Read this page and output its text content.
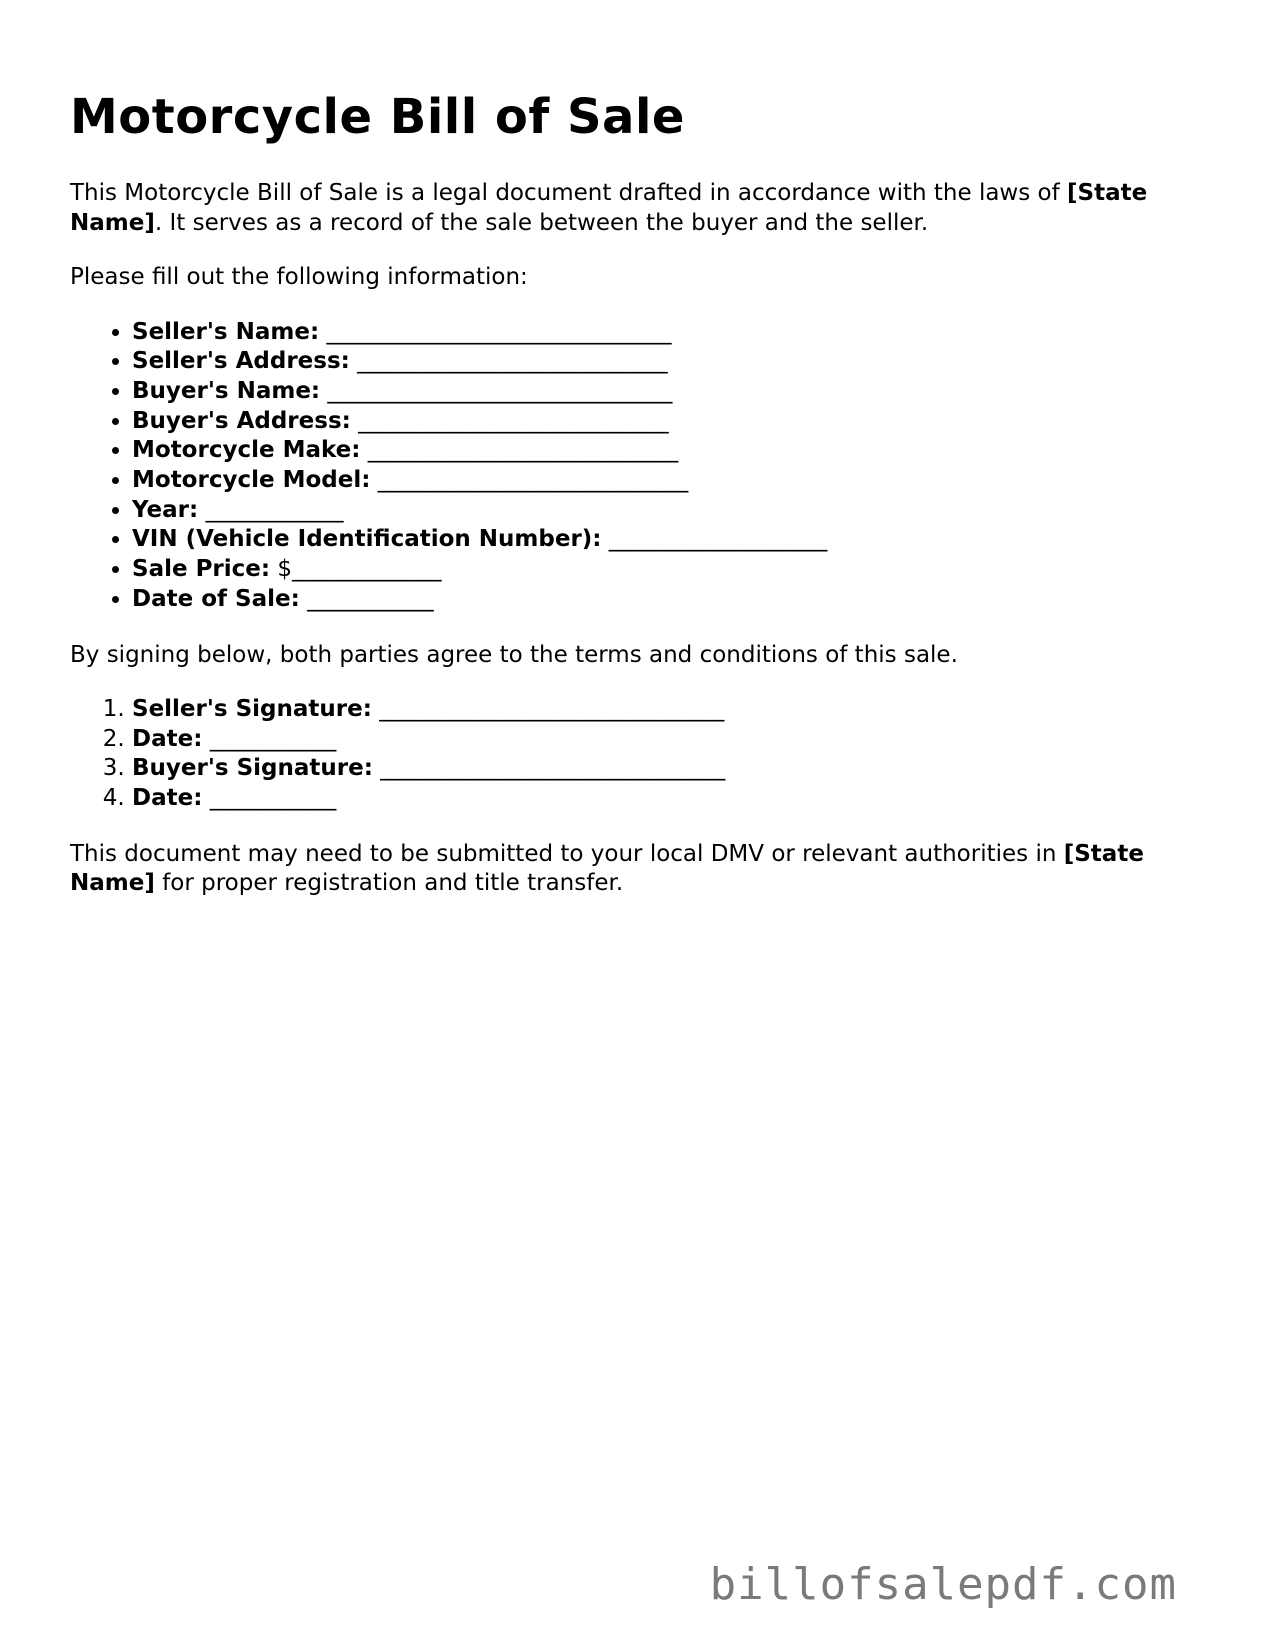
Motorcycle Bill of Sale

This Motorcycle Bill of Sale is a legal document drafted in accordance with the laws of [State Name]. It serves as a record of the sale between the buyer and the seller.

Please fill out the following information:

• Seller's Name: ______________________________
• Seller's Address: ___________________________
• Buyer's Name: ______________________________
• Buyer's Address: ___________________________
• Motorcycle Make: ___________________________
• Motorcycle Model: ___________________________
• Year: ____________
• VIN (Vehicle Identification Number): ___________________
• Sale Price: $_____________
• Date of Sale: ___________

By signing below, both parties agree to the terms and conditions of this sale.

1. Seller's Signature: ______________________________
2. Date: ___________
3. Buyer's Signature: ______________________________
4. Date: ___________

This document may need to be submitted to your local DMV or relevant authorities in [State Name] for proper registration and title transfer.

billofsalepdf.com
